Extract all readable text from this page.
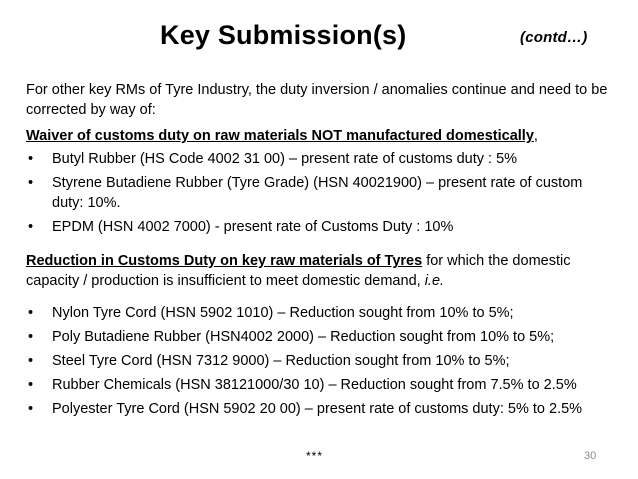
Key Submission(s)	(contd…)

For other key RMs of Tyre Industry, the duty inversion / anomalies continue and need to be corrected by way of:

Waiver of customs duty on raw materials NOT manufactured domestically,

• Butyl Rubber (HS Code 4002 31 00) – present rate of customs duty : 5%
• Styrene Butadiene Rubber (Tyre Grade) (HSN 40021900) – present rate of custom duty: 10%.
• EPDM (HSN 4002 7000) - present rate of Customs Duty : 10%

Reduction in Customs Duty on key raw materials of Tyres for which the domestic capacity / production is insufficient to meet domestic demand, i.e.

• Nylon Tyre Cord (HSN 5902 1010) – Reduction sought from 10% to 5%;
• Poly Butadiene Rubber (HSN4002 2000) – Reduction sought from 10% to 5%;
• Steel Tyre Cord (HSN 7312 9000) – Reduction sought from 10% to 5%;
• Rubber Chemicals (HSN 38121000/30 10) – Reduction sought from 7.5% to 2.5%
• Polyester Tyre Cord (HSN 5902 20 00) – present rate of customs duty: 5% to 2.5%
***	30
